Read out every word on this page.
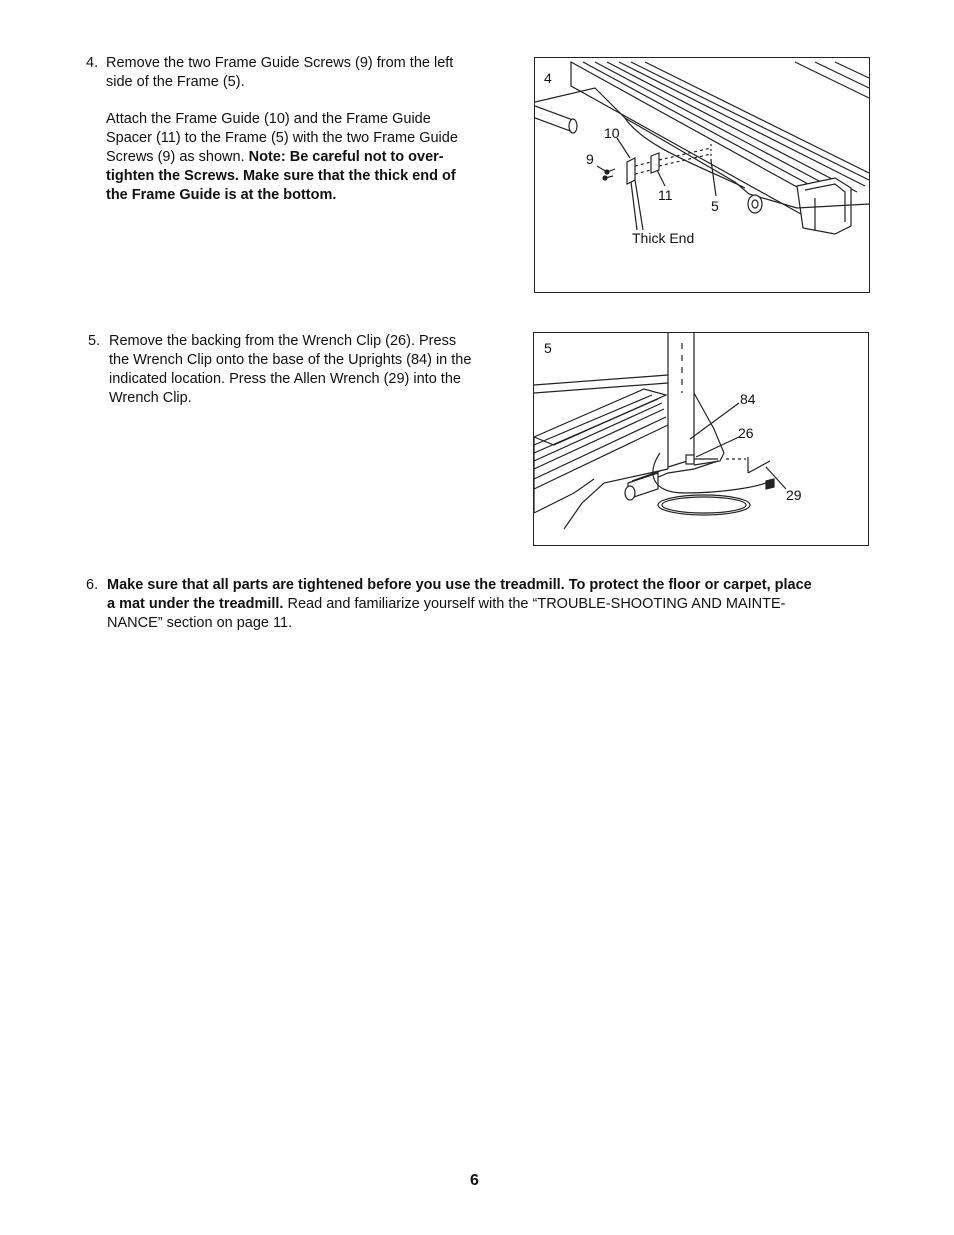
4. Remove the two Frame Guide Screws (9) from the left
side of the Frame (5).
Attach the Frame Guide (10) and the Frame Guide
Spacer (11) to the Frame (5) with the two Frame Guide
Screws (9) as shown. Note: Be careful not to over-
tighten the Screws. Make sure that the thick end of
the Frame Guide is at the bottom.
4
10
9
11
5
Thick End
5. Remove the backing from the Wrench Clip (26). Press
the Wrench Clip onto the base of the Uprights (84) in the
indicated location. Press the Allen Wrench (29) into the
Wrench Clip.
5
84
26
29
6. Make sure that all parts are tightened before you use the treadmill. To protect the floor or carpet, place
a mat under the treadmill. Read and familiarize yourself with the “TROUBLE-SHOOTING AND MAINTE-
NANCE” section on page 11.
6
